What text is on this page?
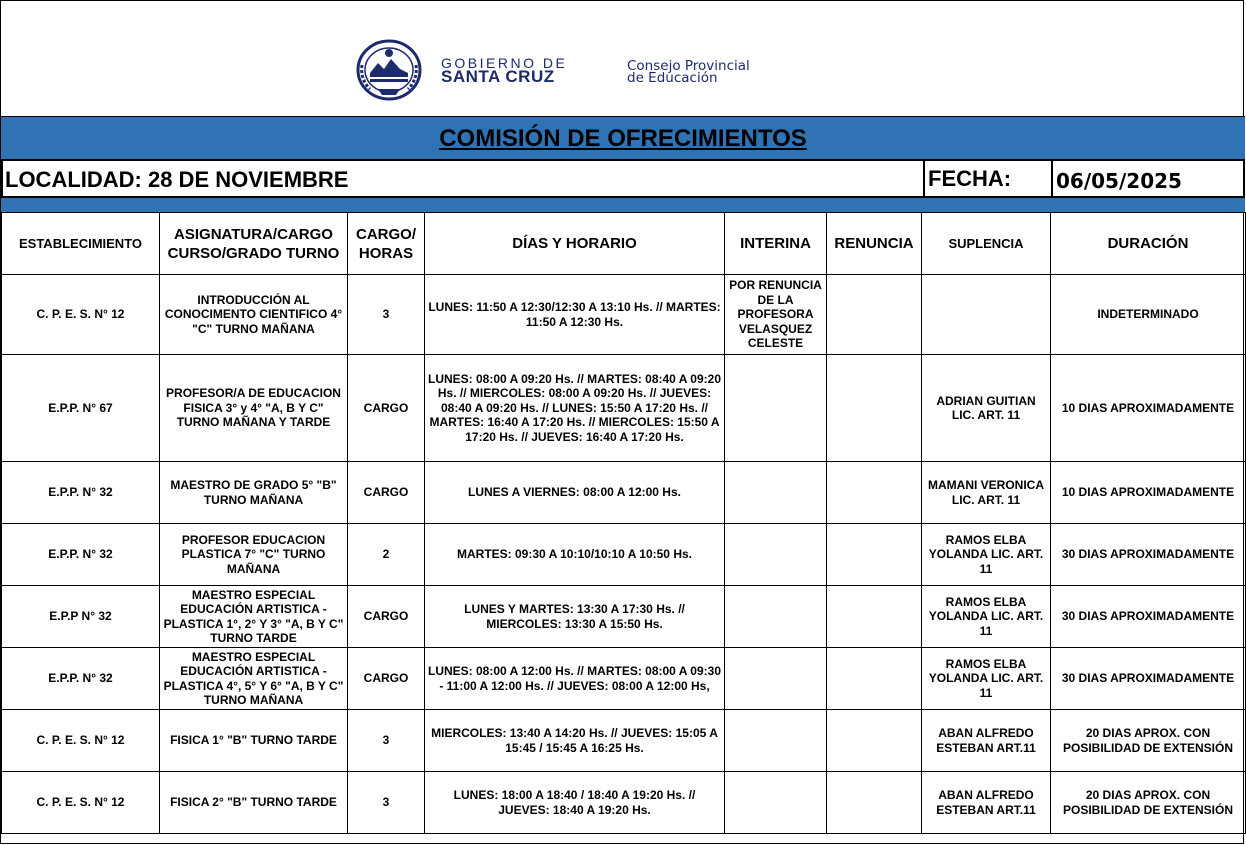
GOBIERNO DE
SANTA CRUZ
Consejo Provincial
de Educación
COMISIÓN DE OFRECIMIENTOS
LOCALIDAD: 28 DE NOVIEMBRE	FECHA:	06/05/2025
ESTABLECIMIENTO	ASIGNATURA/CARGO CURSO/GRADO TURNO	CARGO/ HORAS	DÍAS Y HORARIO	INTERINA	RENUNCIA	SUPLENCIA	DURACIÓN
C. P. E. S. N° 12	INTRODUCCIÓN AL CONOCIMENTO CIENTIFICO 4° "C" TURNO MAÑANA	3	LUNES: 11:50 A 12:30/12:30 A 13:10 Hs. // MARTES: 11:50 A 12:30 Hs.	POR RENUNCIA DE LA PROFESORA VELASQUEZ CELESTE			INDETERMINADO
E.P.P. N° 67	PROFESOR/A DE EDUCACION FISICA 3° y 4° "A, B Y C" TURNO MAÑANA Y TARDE	CARGO	LUNES: 08:00 A 09:20 Hs. // MARTES: 08:40 A 09:20 Hs. // MIERCOLES: 08:00 A 09:20 Hs. // JUEVES: 08:40 A 09:20 Hs. // LUNES: 15:50 A 17:20 Hs. // MARTES: 16:40 A 17:20 Hs. // MIERCOLES: 15:50 A 17:20 Hs. // JUEVES: 16:40 A 17:20 Hs.			ADRIAN GUITIAN LIC. ART. 11	10 DIAS APROXIMADAMENTE
E.P.P. N° 32	MAESTRO DE GRADO 5° "B" TURNO MAÑANA	CARGO	LUNES A VIERNES: 08:00 A 12:00 Hs.			MAMANI VERONICA LIC. ART. 11	10 DIAS APROXIMADAMENTE
E.P.P. N° 32	PROFESOR EDUCACION PLASTICA 7° "C" TURNO MAÑANA	2	MARTES: 09:30 A 10:10/10:10 A 10:50 Hs.			RAMOS ELBA YOLANDA LIC. ART. 11	30 DIAS APROXIMADAMENTE
E.P.P N° 32	MAESTRO ESPECIAL EDUCACIÓN ARTISTICA - PLASTICA 1°, 2° Y 3° "A, B Y C" TURNO TARDE	CARGO	LUNES Y MARTES: 13:30 A 17:30 Hs. // MIERCOLES: 13:30 A 15:50 Hs.			RAMOS ELBA YOLANDA LIC. ART. 11	30 DIAS APROXIMADAMENTE
E.P.P. N° 32	MAESTRO ESPECIAL EDUCACIÓN ARTISTICA - PLASTICA 4°, 5° Y 6° "A, B Y C" TURNO MAÑANA	CARGO	LUNES: 08:00 A 12:00 Hs. // MARTES: 08:00 A 09:30 - 11:00 A 12:00 Hs. // JUEVES: 08:00 A 12:00 Hs,			RAMOS ELBA YOLANDA LIC. ART. 11	30 DIAS APROXIMADAMENTE
C. P. E. S. N° 12	FISICA 1° "B" TURNO TARDE	3	MIERCOLES: 13:40 A 14:20 Hs. // JUEVES: 15:05 A 15:45 / 15:45 A 16:25 Hs.			ABAN ALFREDO ESTEBAN ART.11	20 DIAS APROX. CON POSIBILIDAD DE EXTENSIÓN
C. P. E. S. N° 12	FISICA 2° "B" TURNO TARDE	3	LUNES: 18:00 A 18:40 / 18:40 A 19:20 Hs. // JUEVES: 18:40 A 19:20 Hs.			ABAN ALFREDO ESTEBAN ART.11	20 DIAS APROX. CON POSIBILIDAD DE EXTENSIÓN
